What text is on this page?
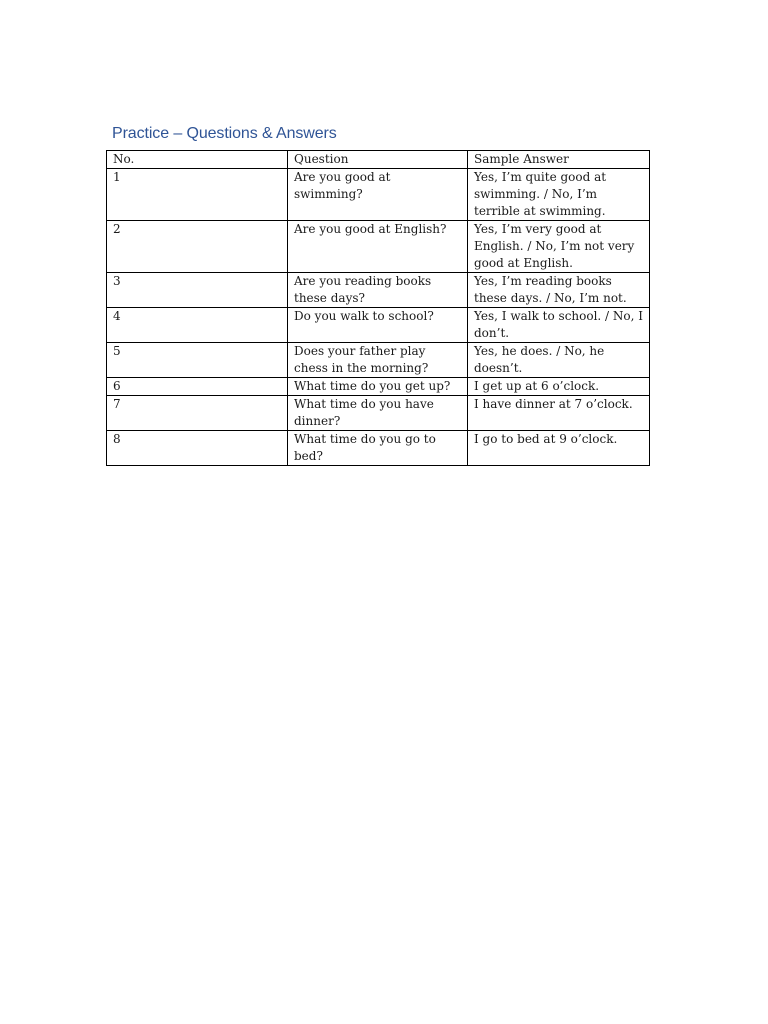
Practice – Questions & Answers
No.	Question	Sample Answer
1	Are you good at swimming?	Yes, I’m quite good at swimming. / No, I’m terrible at swimming.
2	Are you good at English?	Yes, I’m very good at English. / No, I’m not very good at English.
3	Are you reading books these days?	Yes, I’m reading books these days. / No, I’m not.
4	Do you walk to school?	Yes, I walk to school. / No, I don’t.
5	Does your father play chess in the morning?	Yes, he does. / No, he doesn’t.
6	What time do you get up?	I get up at 6 o’clock.
7	What time do you have dinner?	I have dinner at 7 o’clock.
8	What time do you go to bed?	I go to bed at 9 o’clock.
